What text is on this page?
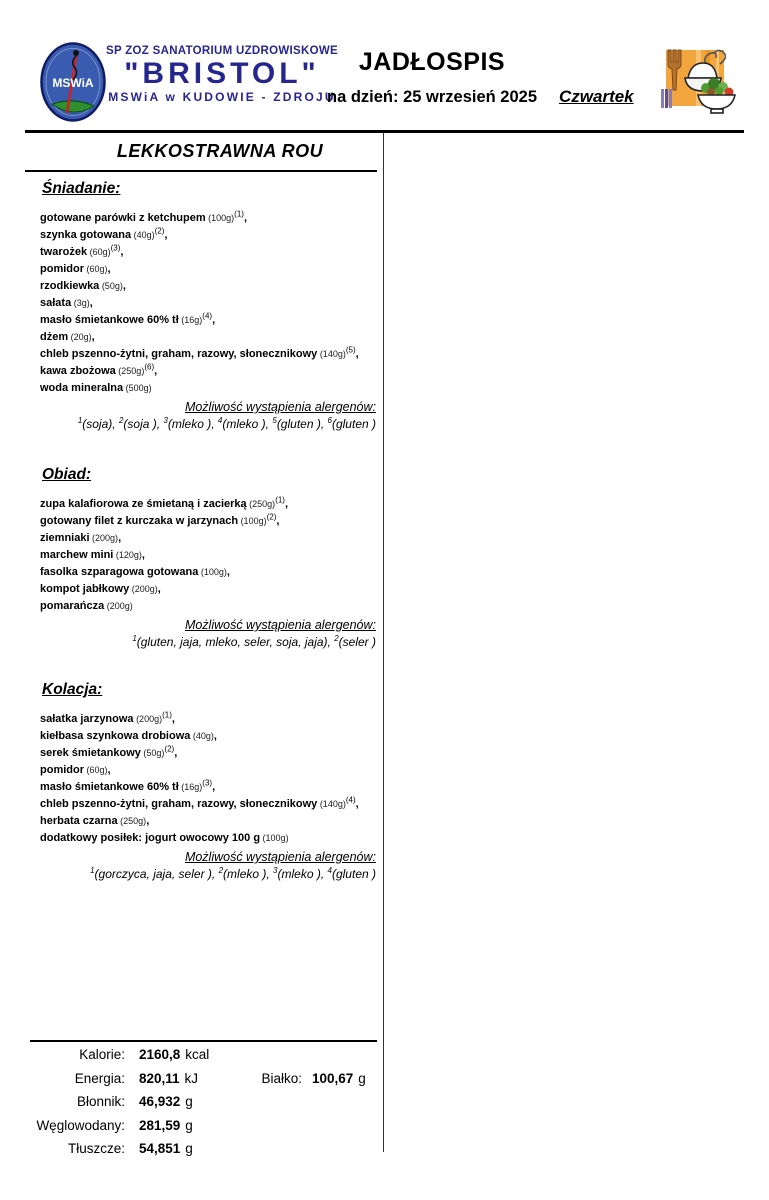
MSWiA
SP ZOZ SANATORIUM UZDROWISKOWE
"BRISTOL"
MSWiA w KUDOWIE - ZDROJU
JADŁOSPIS
na dzień: 25 wrzesień 2025 Czwartek
LEKKOSTRAWNA ROU
Śniadanie:
gotowane parówki z ketchupem $(100g)^{(1)}$,
szynka gotowana $(40g)^{(2)}$,
twarożek $(60g)^{(3)}$,
pomidor (60g),
rzodkiewka (50g),
sałata (3g),
masło śmietankowe 60% tł $(16g)^{(4)}$,
dżem (20g),
chleb pszenno-żytni, graham, razowy, słonecznikowy $(140g)^{(5)}$,
kawa zbożowa $(250g)^{(6)}$,
woda mineralna (500g)
Możliwość wystąpienia alergenów:
$^1$(soja), $^2$(soja ), $^3$(mleko ), $^4$(mleko ), $^5$(gluten ), $^6$(gluten )
Obiad:
zupa kalafiorowa ze śmietaną i zacierką $(250g)^{(1)}$,
gotowany filet z kurczaka w jarzynach $(100g)^{(2)}$,
ziemniaki (200g),
marchew mini (120g),
fasolka szparagowa gotowana (100g),
kompot jabłkowy (200g),
pomarańcza (200g)
Możliwość wystąpienia alergenów:
$^1$(gluten, jaja, mleko, seler, soja, jaja), $^2$(seler )
Kolacja:
sałatka jarzynowa $(200g)^{(1)}$,
kiełbasa szynkowa drobiowa (40g),
serek śmietankowy $(50g)^{(2)}$,
pomidor (60g),
masło śmietankowe 60% tł $(16g)^{(3)}$,
chleb pszenno-żytni, graham, razowy, słonecznikowy $(140g)^{(4)}$,
herbata czarna (250g),
dodatkowy posiłek: jogurt owocowy 100 g (100g)
Możliwość wystąpienia alergenów:
$^1$(gorczyca, jaja, seler ), $^2$(mleko ), $^3$(mleko ), $^4$(gluten )
Kalorie: 2160,8 kcal
Energia: 820,11 kJ	Białko: 100,67 g
Błonnik: 46,932 g
Węglowodany: 281,59 g
Tłuszcze: 54,851 g
